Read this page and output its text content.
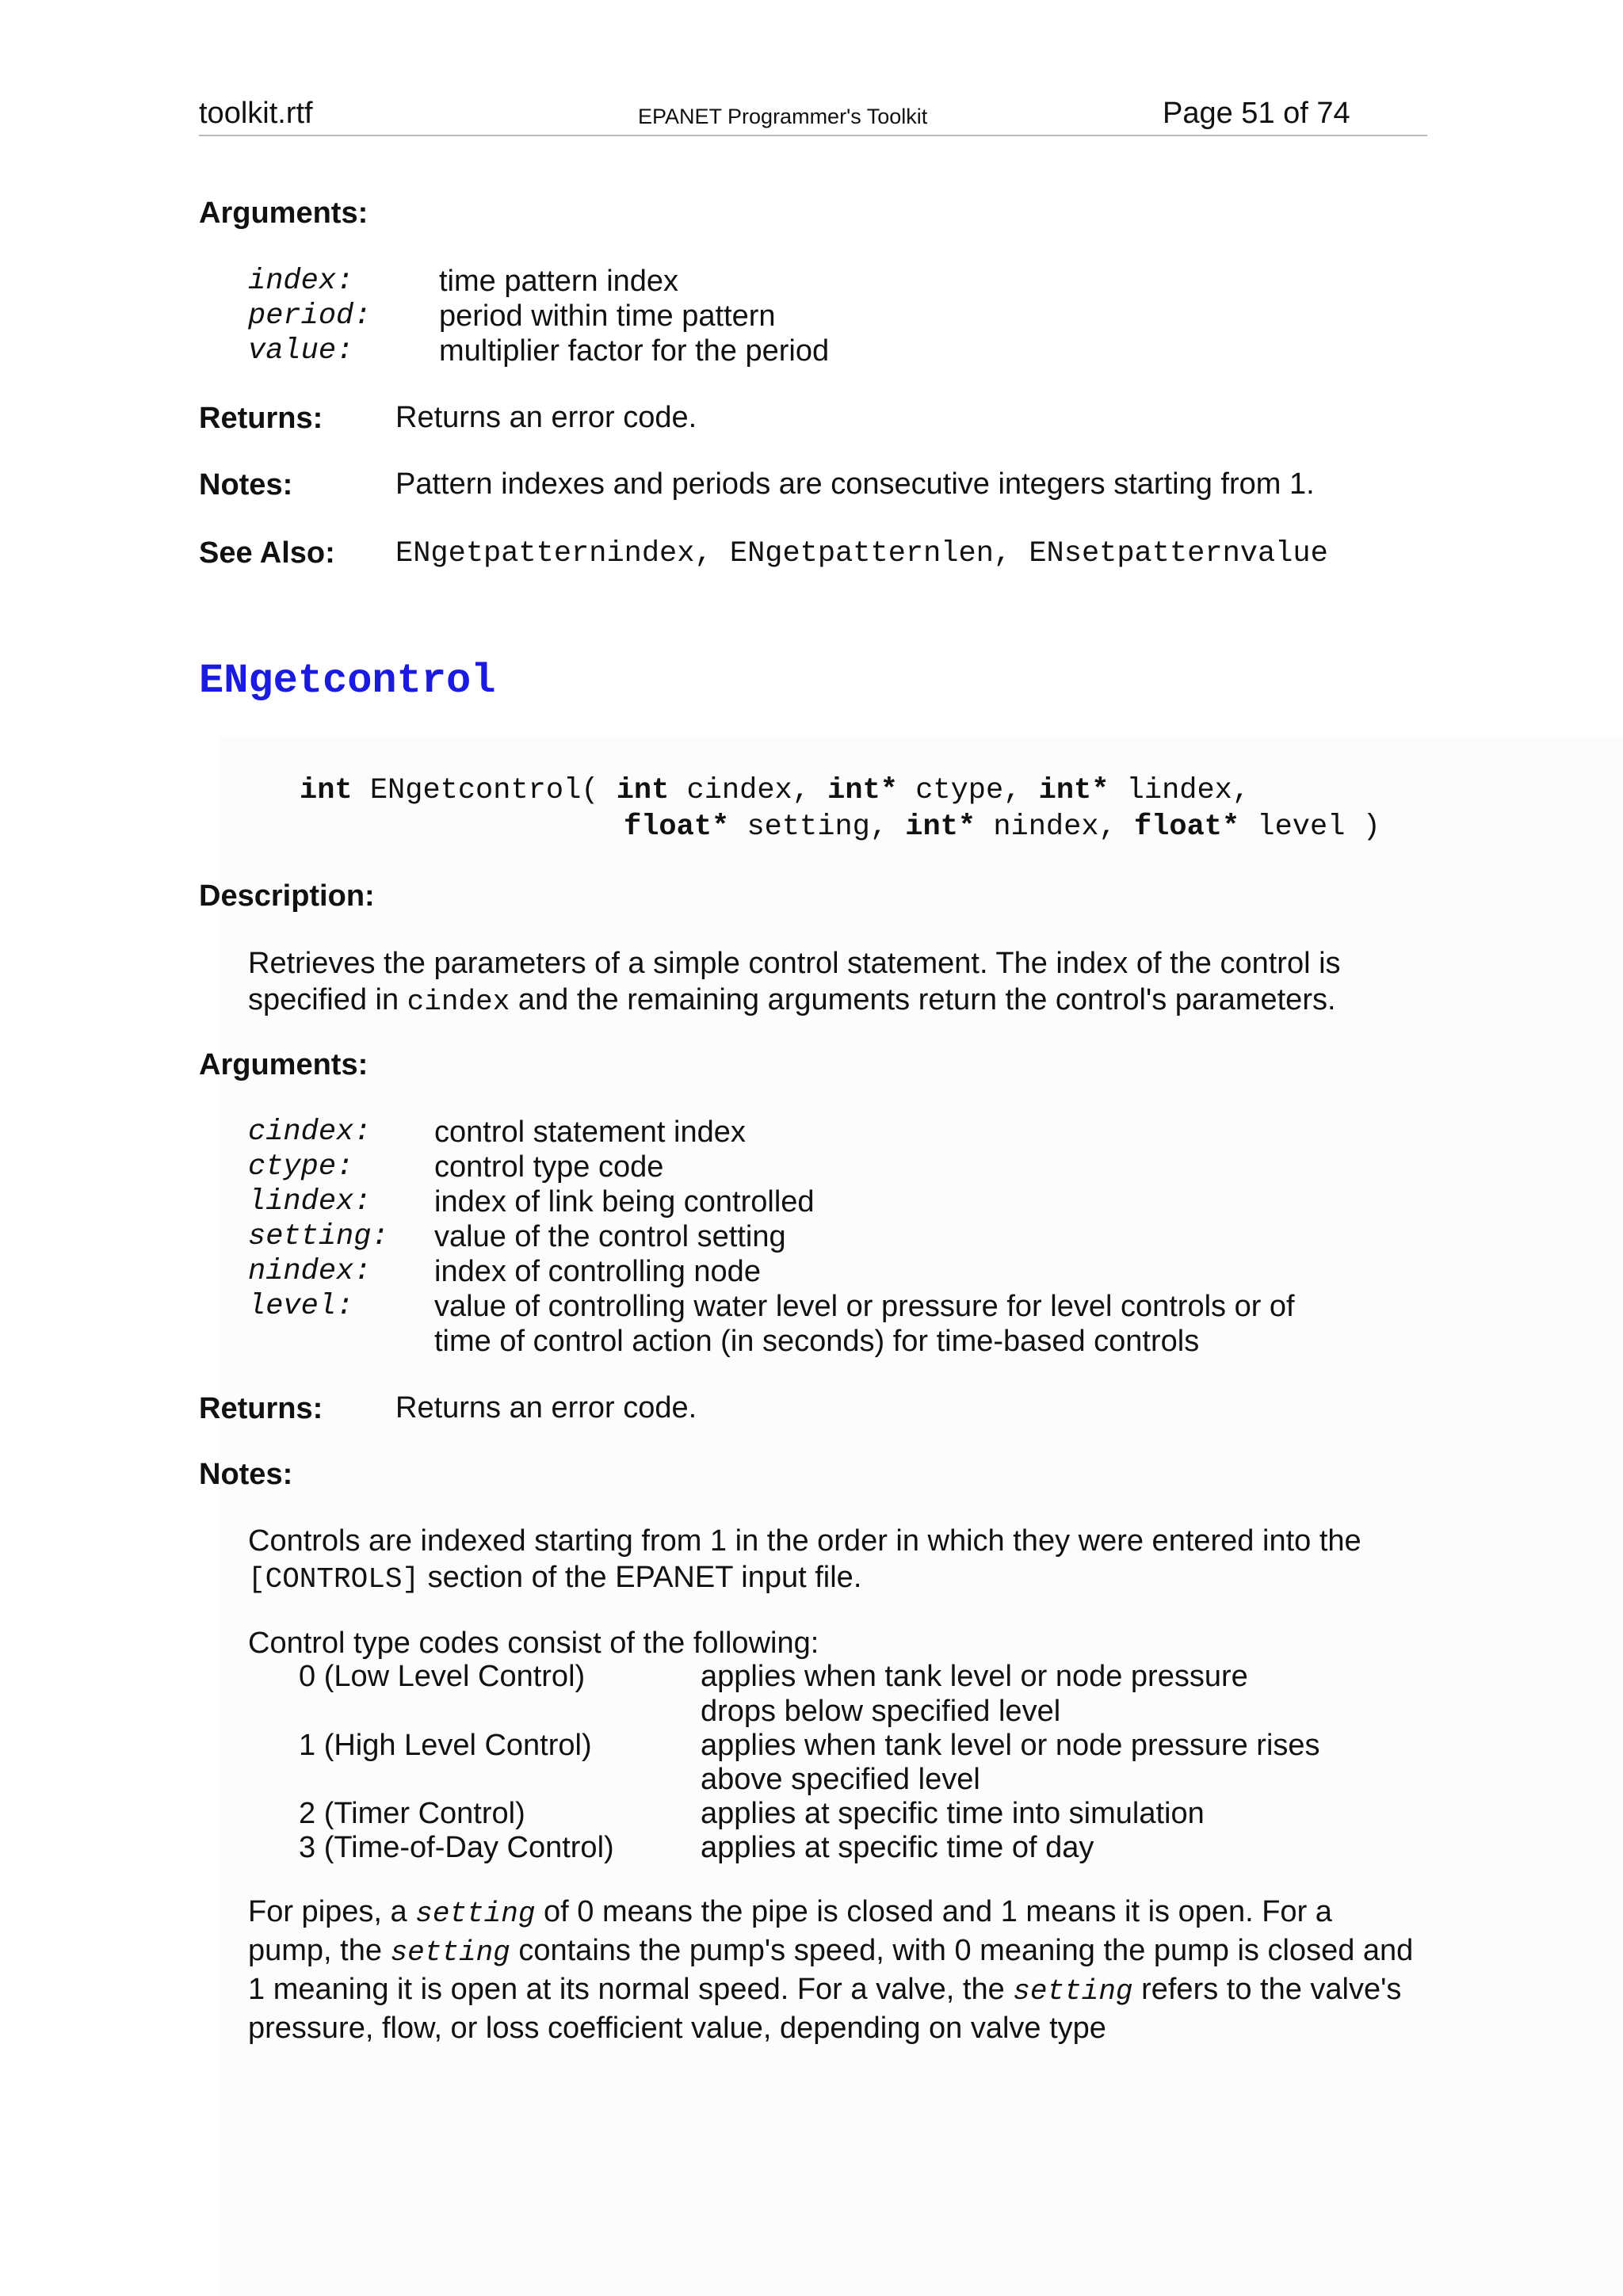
toolkit.rtf	EPANET Programmer's Toolkit	Page 51 of 74
Arguments:
index:	time pattern index
period: period within time pattern
value:	multiplier factor for the period
Returns: Returns an error code.
Notes:	Pattern indexes and periods are consecutive integers starting from 1.
See Also: ENgetpatternindex, ENgetpatternlen, ENsetpatternvalue
ENgetcontrol
int ENgetcontrol( int cindex, int* ctype, int* lindex,
float* setting, int* nindex, float* level )
Description:
Retrieves the parameters of a simple control statement. The index of the control is
specified in cindex and the remaining arguments return the control's parameters.
Arguments:
cindex: control statement index
ctype:	control type code
lindex: index of link being controlled
setting: value of the control setting
nindex: index of controlling node
level:	value of controlling water level or pressure for level controls or of
time of control action (in seconds) for time-based controls
Returns: Returns an error code.
Notes:
Controls are indexed starting from 1 in the order in which they were entered into the
[CONTROLS] section of the EPANET input file.
Control type codes consist of the following:
0 (Low Level Control)	applies when tank level or node pressure
drops below specified level
1 (High Level Control)	applies when tank level or node pressure rises
above specified level
2 (Timer Control)	applies at specific time into simulation
3 (Time-of-Day Control)	applies at specific time of day
For pipes, a setting of 0 means the pipe is closed and 1 means it is open. For a
pump, the setting contains the pump's speed, with 0 meaning the pump is closed and
1 meaning it is open at its normal speed. For a valve, the setting refers to the valve's
pressure, flow, or loss coefficient value, depending on valve type
